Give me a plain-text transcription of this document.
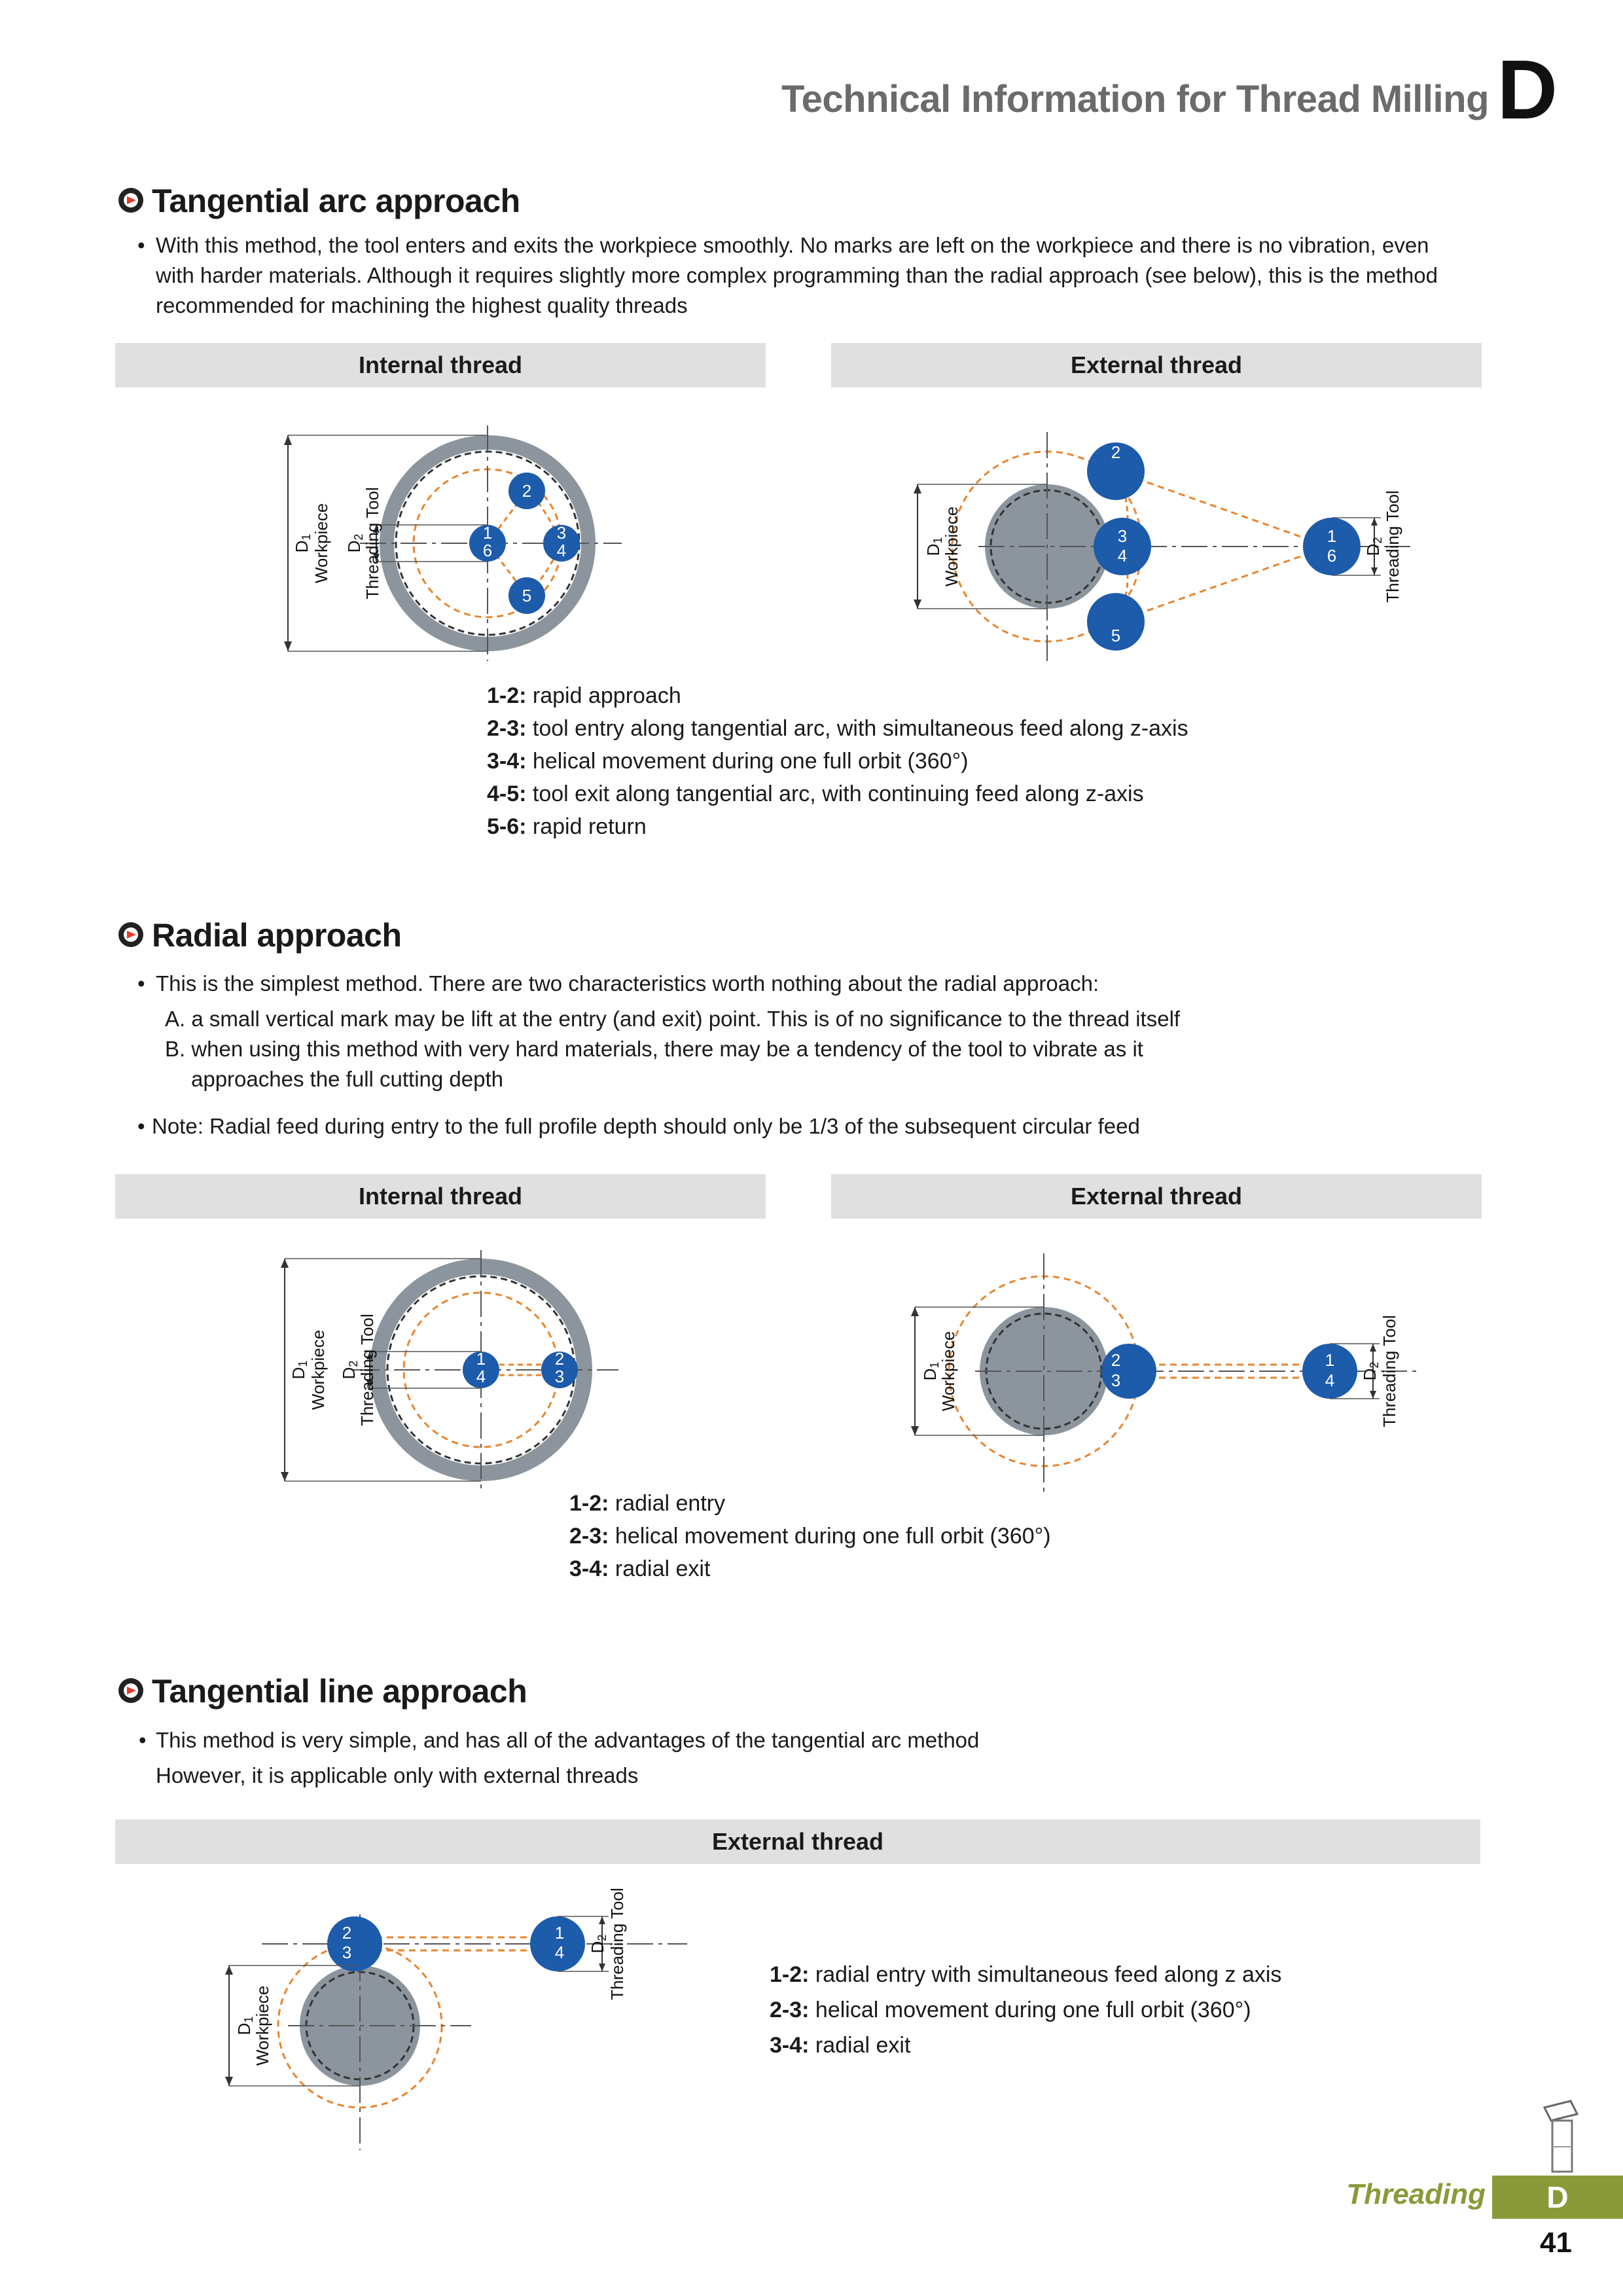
Technical Information for Thread Milling D
Tangential arc approach
• With this method, the tool enters and exits the workpiece smoothly. No marks are left on the workpiece and there is no vibration, even with harder materials. Although it requires slightly more complex programming than the radial approach (see below), this is the method recommended for machining the highest quality threads
Internal thread	External thread
1
6
2
3
4
5
D1
Workpiece D2
Threading Tool
2
3
4
5
1
6
D1
Workpiece	D2
Threading Tool
1-2: rapid approach
2-3: tool entry along tangential arc, with simultaneous feed along z-axis
3-4: helical movement during one full orbit (360°)
4-5: tool exit along tangential arc, with continuing feed along z-axis
5-6: rapid return
Radial approach
• This is the simplest method. There are two characteristics worth nothing about the radial approach:
A. a small vertical mark may be lift at the entry (and exit) point. This is of no significance to the thread itself
B. when using this method with very hard materials, there may be a tendency of the tool to vibrate as it
approaches the full cutting depth
• Note: Radial feed during entry to the full profile depth should only be 1/3 of the subsequent circular feed
Internal thread	External thread
1
4
2
3
D1
Workpiece D2
Threading Tool	2
3
1
4
D1
Workpiece	D2
Threading Tool
1-2: radial entry
2-3: helical movement during one full orbit (360°)
3-4: radial exit
Tangential line approach
• This method is very simple, and has all of the advantages of the tangential arc method
However, it is applicable only with external threads
External thread
2
3
1
4
D1
Workpiece
D2
Threading Tool	1-2: radial entry with simultaneous feed along z axis
2-3: helical movement during one full orbit (360°)
3-4: radial exit
Threading	D
41
